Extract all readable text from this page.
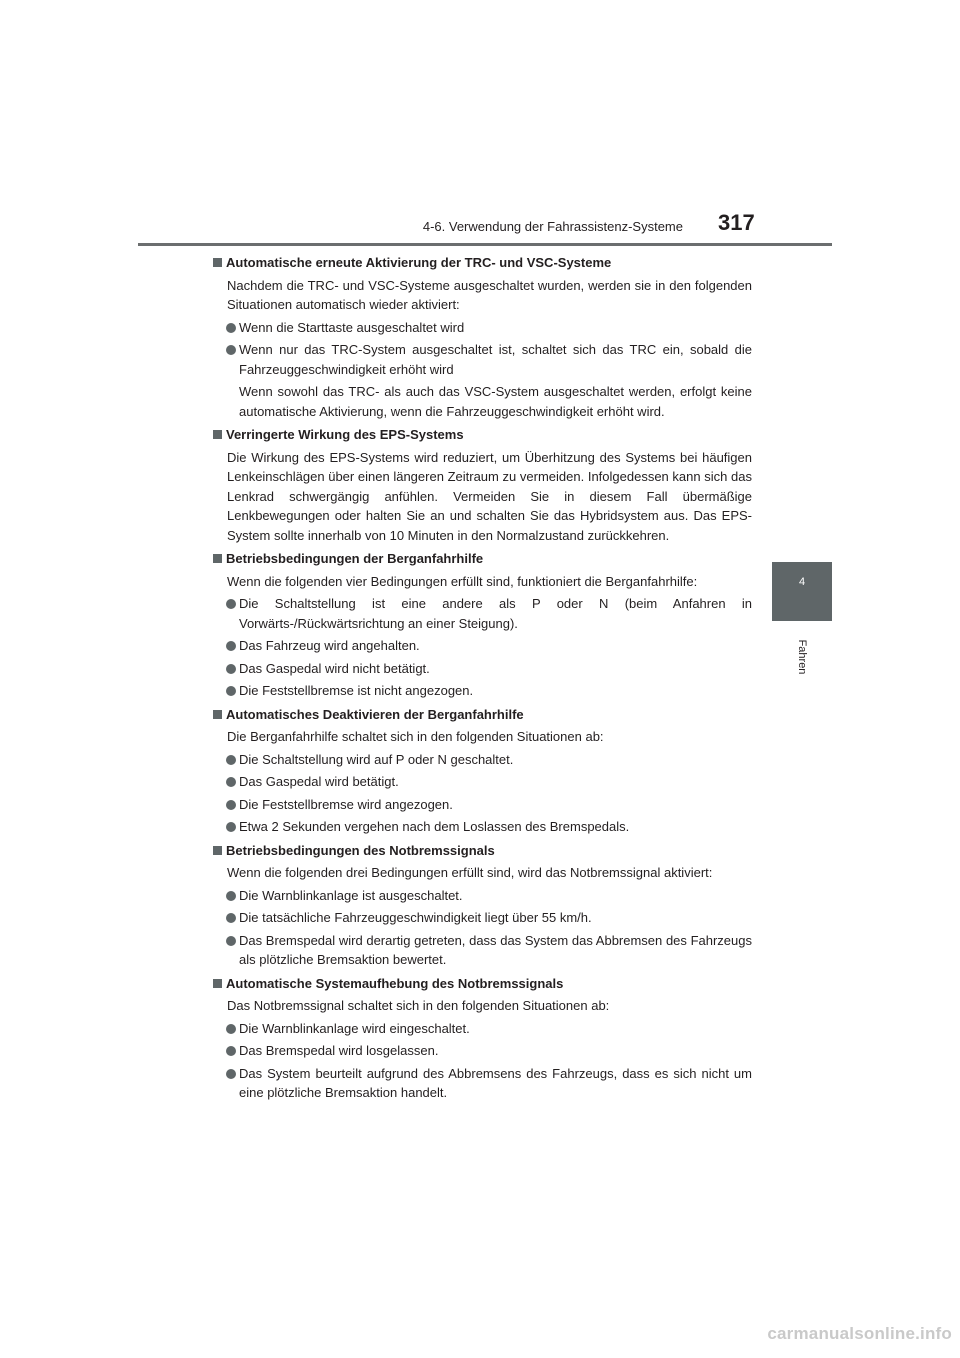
4-6. Verwendung der Fahrassistenz-Systeme 317
4
Fahren
Automatische erneute Aktivierung der TRC- und VSC-Systeme
Nachdem die TRC- und VSC-Systeme ausgeschaltet wurden, werden sie in den folgenden Situationen automatisch wieder aktiviert:
Wenn die Starttaste ausgeschaltet wird
Wenn nur das TRC-System ausgeschaltet ist, schaltet sich das TRC ein, sobald die Fahrzeuggeschwindigkeit erhöht wird
Wenn sowohl das TRC- als auch das VSC-System ausgeschaltet werden, erfolgt keine automatische Aktivierung, wenn die Fahrzeuggeschwindigkeit erhöht wird.
Verringerte Wirkung des EPS-Systems
Die Wirkung des EPS-Systems wird reduziert, um Überhitzung des Systems bei häufigen Lenkeinschlägen über einen längeren Zeitraum zu vermeiden. Infolgedessen kann sich das Lenkrad schwergängig anfühlen. Vermeiden Sie in diesem Fall übermäßige Lenkbewegungen oder halten Sie an und schalten Sie das Hybridsystem aus. Das EPS-System sollte innerhalb von 10 Minuten in den Normalzustand zurückkehren.
Betriebsbedingungen der Berganfahrhilfe
Wenn die folgenden vier Bedingungen erfüllt sind, funktioniert die Berganfahrhilfe:
Die Schaltstellung ist eine andere als P oder N (beim Anfahren in Vorwärts-/Rückwärtsrichtung an einer Steigung).
Das Fahrzeug wird angehalten.
Das Gaspedal wird nicht betätigt.
Die Feststellbremse ist nicht angezogen.
Automatisches Deaktivieren der Berganfahrhilfe
Die Berganfahrhilfe schaltet sich in den folgenden Situationen ab:
Die Schaltstellung wird auf P oder N geschaltet.
Das Gaspedal wird betätigt.
Die Feststellbremse wird angezogen.
Etwa 2 Sekunden vergehen nach dem Loslassen des Bremspedals.
Betriebsbedingungen des Notbremssignals
Wenn die folgenden drei Bedingungen erfüllt sind, wird das Notbremssignal aktiviert:
Die Warnblinkanlage ist ausgeschaltet.
Die tatsächliche Fahrzeuggeschwindigkeit liegt über 55 km/h.
Das Bremspedal wird derartig getreten, dass das System das Abbremsen des Fahrzeugs als plötzliche Bremsaktion bewertet.
Automatische Systemaufhebung des Notbremssignals
Das Notbremssignal schaltet sich in den folgenden Situationen ab:
Die Warnblinkanlage wird eingeschaltet.
Das Bremspedal wird losgelassen.
Das System beurteilt aufgrund des Abbremsens des Fahrzeugs, dass es sich nicht um eine plötzliche Bremsaktion handelt.
carmanualsonline.info
